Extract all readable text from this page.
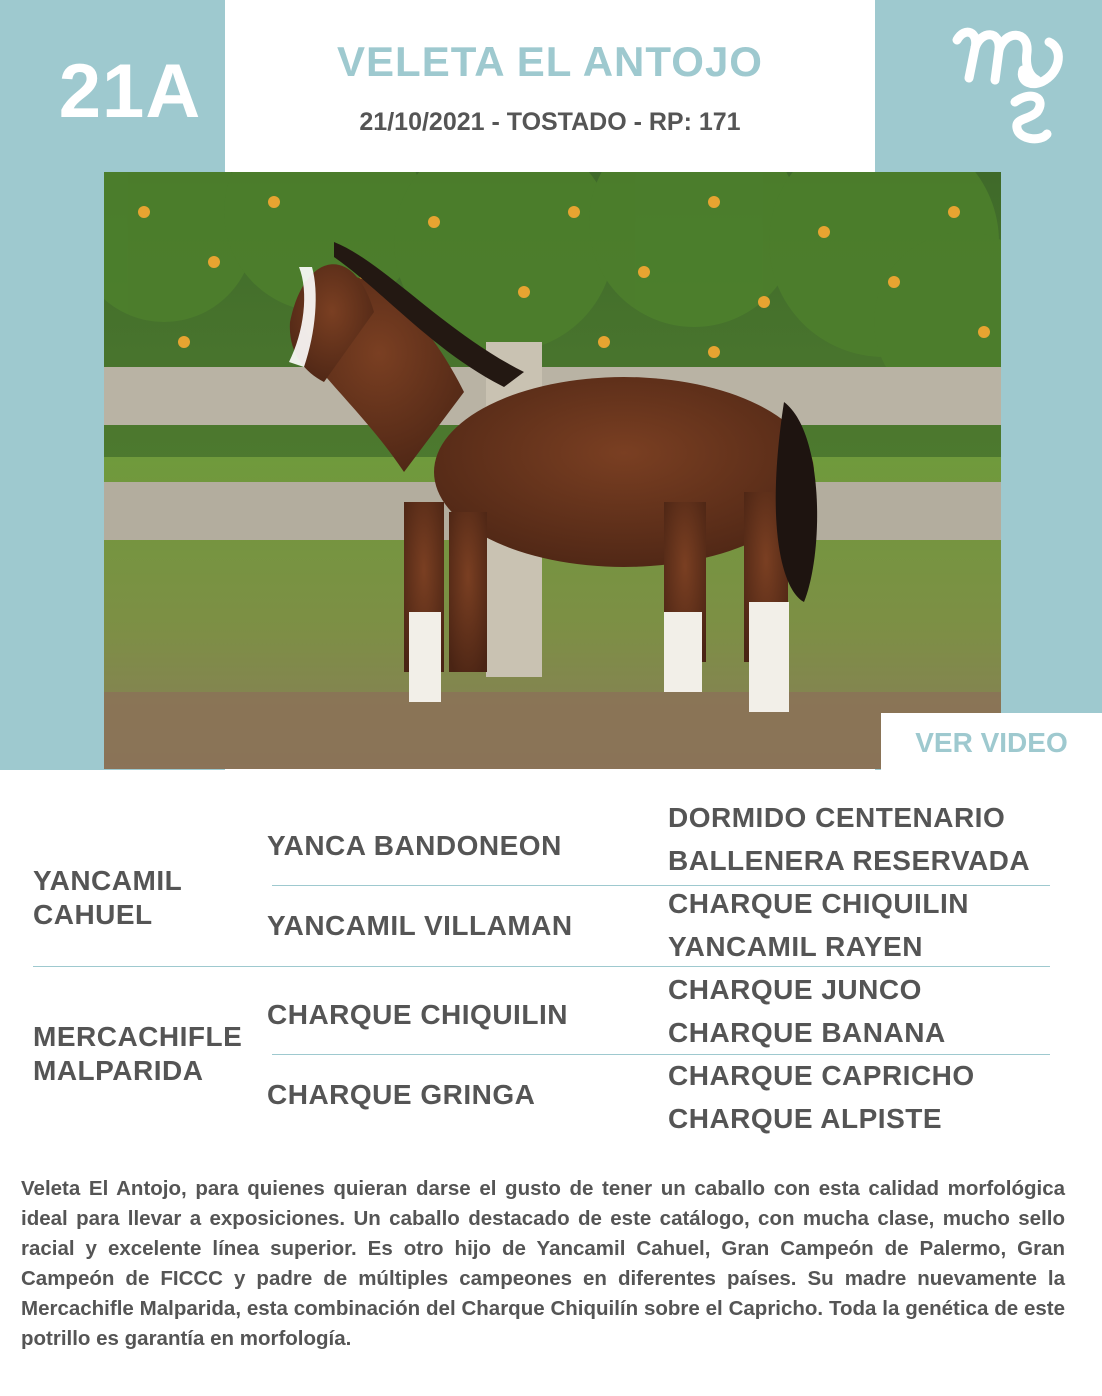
21A	VELETA EL ANTOJO
21/10/2021 - TOSTADO - RP: 171
VER VIDEO
YANCAMIL
CAHUEL
YANCA BANDONEON
YANCAMIL VILLAMAN
DORMIDO CENTENARIO
BALLENERA RESERVADA
CHARQUE CHIQUILIN
YANCAMIL RAYEN
MERCACHIFLE
MALPARIDA
CHARQUE CHIQUILIN
CHARQUE GRINGA
CHARQUE JUNCO
CHARQUE BANANA
CHARQUE CAPRICHO
CHARQUE ALPISTE

Veleta El Antojo, para quienes quieran darse el gusto de tener un caballo con esta calidad morfológica ideal para llevar a exposiciones. Un caballo destacado de este catálogo, con mucha clase, mucho sello racial y excelente línea superior. Es otro hijo de Yancamil Cahuel, Gran Campeón de Palermo, Gran Campeón de FICCC y padre de múltiples campeones en diferentes países. Su madre nuevamente la Mercachifle Malparida, esta combinación del Charque Chiquilín sobre el Capricho. Toda la genética de este potrillo es garantía en morfología.
